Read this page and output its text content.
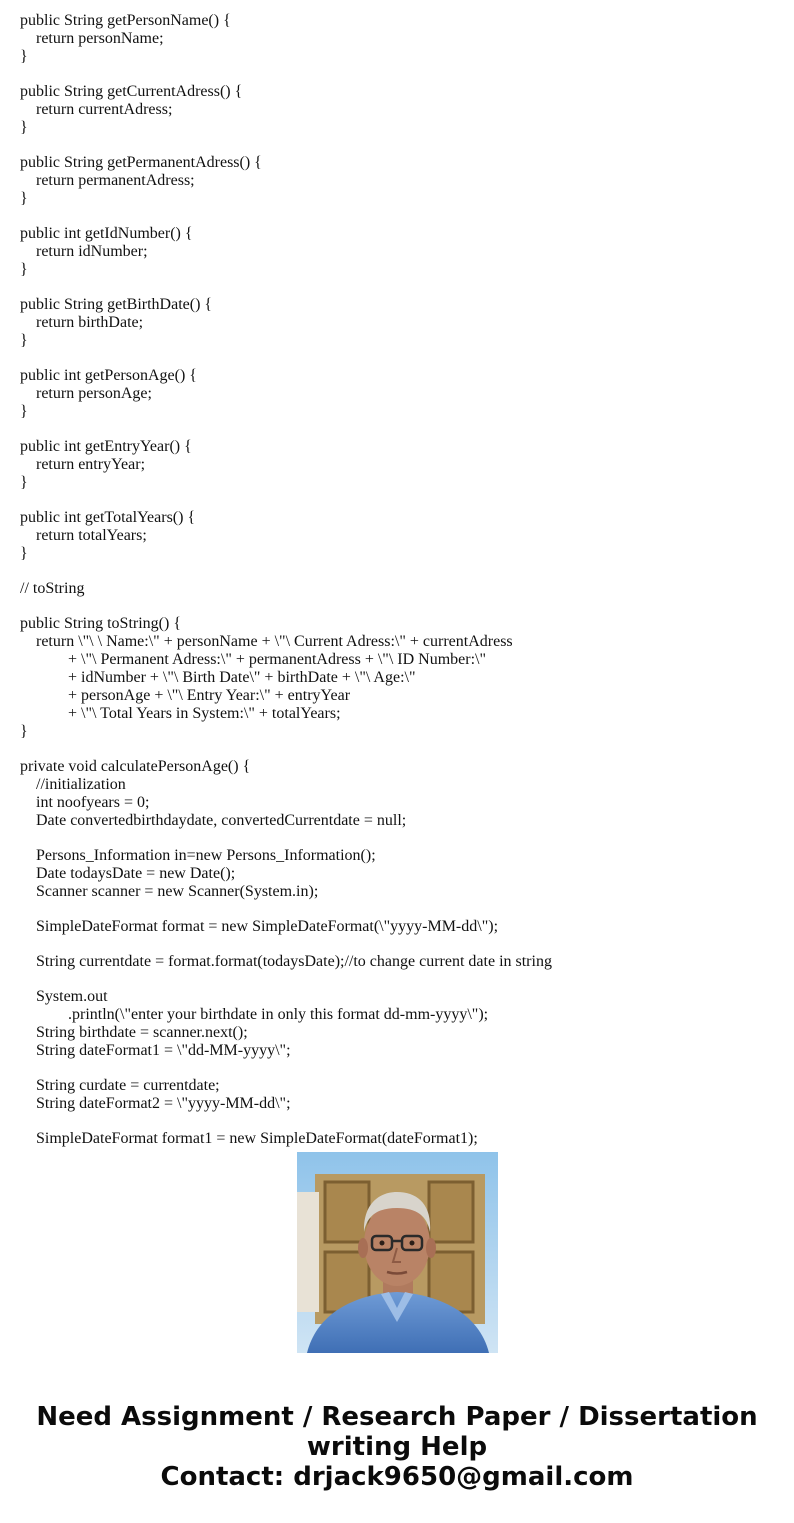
public String getPersonName() {
return personName;
}
public String getCurrentAdress() {
return currentAdress;
}
public String getPermanentAdress() {
return permanentAdress;
}
public int getIdNumber() {
return idNumber;
}
public String getBirthDate() {
return birthDate;
}
public int getPersonAge() {
return personAge;
}
public int getEntryYear() {
return entryYear;
}
public int getTotalYears() {
return totalYears;
}
// toString
public String toString() {
return \"\ \ Name:\" + personName + \"\ Current Adress:\" + currentAdress
+ \"\ Permanent Adress:\" + permanentAdress + \"\ ID Number:\"
+ idNumber + \"\ Birth Date\" + birthDate + \"\ Age:\"
+ personAge + \"\ Entry Year:\" + entryYear
+ \"\ Total Years in System:\" + totalYears;
}
private void calculatePersonAge() {
//initialization
int noofyears = 0;
Date convertedbirthdaydate, convertedCurrentdate = null;
Persons_Information in=new Persons_Information();
Date todaysDate = new Date();
Scanner scanner = new Scanner(System.in);
SimpleDateFormat format = new SimpleDateFormat(\"yyyy-MM-dd\");
String currentdate = format.format(todaysDate);//to change current date in string
System.out
.println(\"enter your birthdate in only this format dd-mm-yyyy\");
String birthdate = scanner.next();
String dateFormat1 = \"dd-MM-yyyy\";
String curdate = currentdate;
String dateFormat2 = \"yyyy-MM-dd\";
SimpleDateFormat format1 = new SimpleDateFormat(dateFormat1);
Need Assignment / Research Paper / Dissertation
writing Help
Contact: drjack9650@gmail.com
